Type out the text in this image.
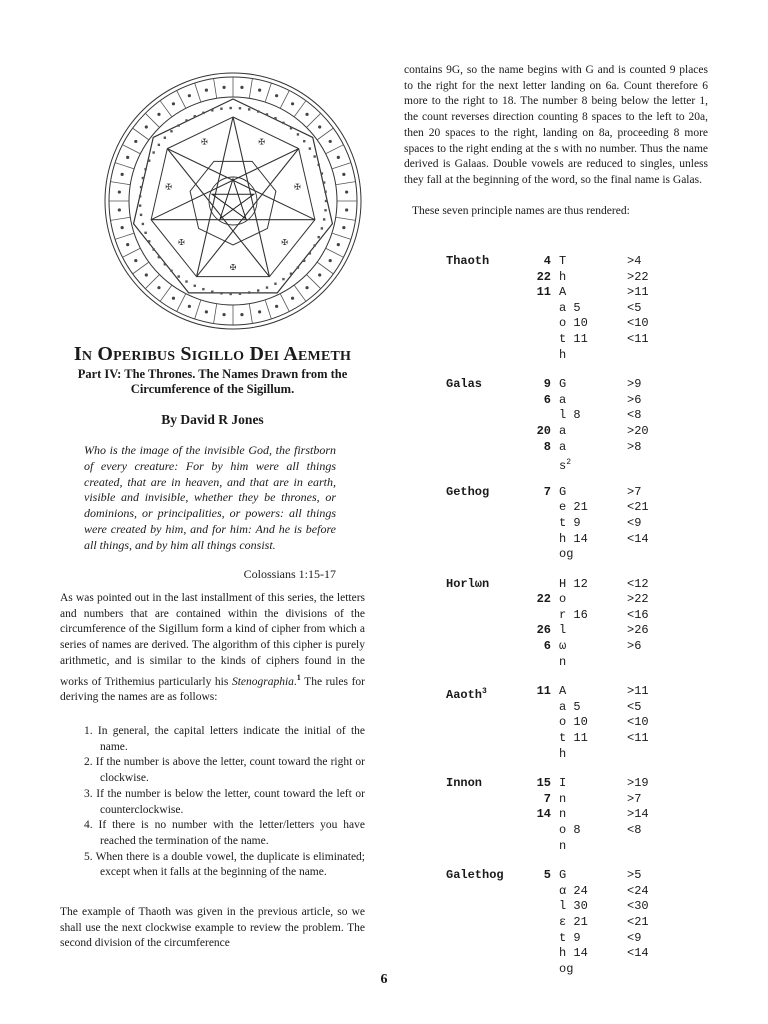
✠
✠
✠
✠
✠
✠
✠
In Operibus Sigillo Dei Aemeth

Part IV: The Thrones. The Names Drawn from the Circumference of the Sigillum.

By David R Jones

Who is the image of the invisible God, the firstborn of every creature: For by him were all things created, that are in heaven, and that are in earth, visible and invisible, whether they be thrones, or dominions, or principalities, or powers: all things were created by him, and for him: And he is before all things, and by him all things consist.

Colossians 1:15-17

As was pointed out in the last installment of this series, the letters and numbers that are contained within the divisions of the circumference of the Sigillum form a kind of cipher from which a series of names are derived. The algorithm of this cipher is purely arithmetic, and is similar to the kinds of ciphers found in the works of Trithemius particularly his Stenographia.$^1$ The rules for deriving the names are as follows:

1. In general, the capital letters indicate the initial of the name.
2. If the number is above the letter, count toward the right or clockwise.
3. If the number is below the letter, count toward the left or counterclockwise.
4. If there is no number with the letter/letters you have reached the termination of the name.
5. When there is a double vowel, the duplicate is eliminated; except when it falls at the beginning of the name.

The example of Thaoth was given in the previous article, so we shall use the next clockwise example to review the problem. The second division of the circumference

contains 9G, so the name begins with G and is counted 9 places to the right for the next letter landing on 6a. Count therefore 6 more to the right to 18. The number 8 being below the letter 1, the count reverses direction counting 8 spaces to the left to 20a, then 20 spaces to the right, landing on 8a, proceeding 8 more spaces to the right ending at the s with no number. Thus the name derived is Galaas. Double vowels are reduced to singles, unless they fall at the beginning of the word, so the final name is Galas.

These seven principle names are thus rendered:

Thaoth	4 T	>4
22 h	>22
11 A	>11
a 5	<5
o 10	<10
t 11	<11
h
Galas	9 G	>9
6 a	>6
l 8	<8
20 a	>20
8 a	>8
$s^2$
Gethog	7 G	>7
e 21	<21
t 9	<9
h 14	<14
og
Horlωn	H 12	<12
22 o	>22
r 16	<16
26 l	>26
6 ω	>6
n
Aaoth$^3$	11 A	>11
a 5	<5
o 10	<10
t 11	<11
h
Innon	15 I	>19
7 n	>7
14 n	>14
o 8	<8
n
Galethog	5 G	>5
α 24	<24
l 30	<30
ε 21	<21
t 9	<9
h 14	<14
og

6
